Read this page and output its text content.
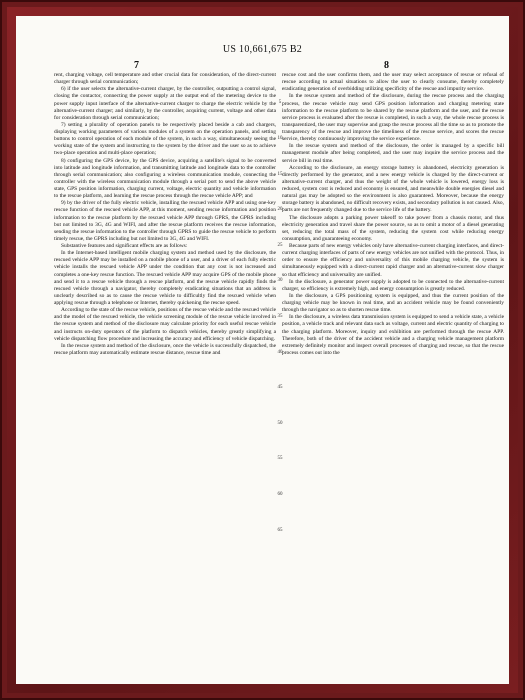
US 10,661,675 B2
7	8

rent, charging voltage, cell temperature and other crucial data for consideration, of the direct-current charger through serial communication;

6) if the user selects the alternative-current charger, by the controller, outputting a control signal, closing the contactor, connecting the power supply at the output end of the metering device to the power supply input interface of the alternative-current charger to charge the electric vehicle by the alternative-current charger; and similarly, by the controller, acquiring current, voltage and other data for consideration through serial communication;

7) setting a plurality of operation panels to be respectively placed beside a cab and chargers, displaying working parameters of various modules of a system on the operation panels, and setting buttons to control operation of each module of the system, in such a way, simultaneously seeing the working state of the system and instructing to the system by the driver and the user so as to achieve two-place operation and multi-place operation;

8) configuring the GPS device, by the GPS device, acquiring a satellite's signal to be converted into latitude and longitude information, and transmitting latitude and longitude data to the controller through serial communication; also configuring a wireless communication module, connecting the controller with the wireless communication module through a serial port to send the above vehicle state, GPS position information, charging current, voltage, electric quantity and vehicle information to the rescue platform, and learning the rescue process through the rescue vehicle APP; and

9) by the driver of the fully electric vehicle, installing the rescued vehicle APP and using one-key rescue function of the rescued vehicle APP, at this moment, sending rescue information and position information to the rescue platform by the rescued vehicle APP through GPRS, the GPRS including but not limited to 3G, 4G and WIFI, and after the rescue platform receives the rescue information, sending the rescue information to the controller through GPRS to guide the rescue vehicle to perform timely rescue, the GPRS including but not limited to 3G, 4G and WIFI.

Substantive features and significant effects are as follows:

In the Internet-based intelligent mobile charging system and method used by the disclosure, the rescued vehicle APP may be installed on a mobile phone of a user, and a driver of each fully electric vehicle installs the rescued vehicle APP under the condition that any cost is not increased and completes a one-key rescue function. The rescued vehicle APP may acquire GPS of the mobile phone and send it to a rescue vehicle through a rescue platform, and the rescue vehicle rapidly finds the rescued vehicle through a navigator, thereby completely eradicating situations that an address is unclearly described so as to cause the rescue vehicle to difficultly find the rescued vehicle when applying rescue through a telephone or Internet, thereby quickening the rescue speed.

According to the state of the rescue vehicle, positions of the rescue vehicle and the rescued vehicle and the model of the rescued vehicle, the vehicle screening module of the rescue vehicle involved in the rescue system and method of the disclosure may calculate priority for each useful rescue vehicle and instructs on-duty operators of the platform to dispatch vehicles, thereby greatly simplifying a vehicle dispatching flow procedure and increasing the accuracy and efficiency of vehicle dispatching.

In the rescue system and method of the disclosure, once the vehicle is successfully dispatched, the rescue platform may automatically estimate rescue distance, rescue time and

5
10
15
20
25
30
35
40
45
50
55
60
65

rescue cost and the user confirms them, and the user may select acceptance of rescue or refusal of rescue according to actual situations to allow the user to clearly consume, thereby completely eradicating generation of overbidding utilizing specificity of the rescue and impurity service.

In the rescue system and method of the disclosure, during the rescue process and the charging process, the rescue vehicle may send GPS position information and charging metering state information to the rescue platform to be shared by the rescue platform and the user, and the rescue service process is evaluated after the rescue is completed, in such a way, the whole rescue process is transparentized, the user may supervise and grasp the rescue process all the time so as to promote the transparency of the rescue and improve the timeliness of the rescue service, and scores the rescue service, thereby continuously improving the service experience.

In the rescue system and method of the disclosure, the order is managed by a specific bill management module after being completed, and the user may inquire the service process and the service bill in real time.

According to the disclosure, an energy storage battery is abandoned, electricity generation is directly performed by the generator, and a new energy vehicle is charged by the direct-current or alternative-current charger, and thus the weight of the whole vehicle is lowered, energy loss is reduced, system cost is reduced and economy is ensured, and meanwhile double energies diesel and natural gas may be adopted so the environment is also guaranteed. Moreover, because the energy storage battery is abandoned, no difficult recovery exists, and secondary pollution is not caused. Also, parts are not frequently changed due to the service life of the battery.

The disclosure adopts a parking power takeoff to take power from a chassis motor, and thus electricity generation and travel share the power source, so as to omit a motor of a diesel generating set, reducing the total mass of the system, reducing the system cost while reducing energy consumption, and guaranteeing economy.

Because parts of new energy vehicles only have alternative-current charging interfaces, and direct-current charging interfaces of parts of new energy vehicles are not unified with the protocol. Thus, in order to ensure the efficiency and universality of this mobile charging vehicle, the system is simultaneously equipped with a direct-current rapid charger and an alternative-current slow charger so that efficiency and universality are unified.

In the disclosure, a generator power supply is adopted to be connected to the alternative-current charger, so efficiency is extremely high, and energy consumption is greatly reduced.

In the disclosure, a GPS positioning system is equipped, and thus the current position of the charging vehicle may be known in real time, and an accident vehicle may be found conveniently through the navigator so as to shorten rescue time.

In the disclosure, a wireless data transmission system is equipped to send a vehicle state, a vehicle position, a vehicle track and relevant data such as voltage, current and electric quantity of charging to the charging platform. Moreover, inquiry and exhibition are performed through the rescue APP. Therefore, both of the driver of the accident vehicle and a charging vehicle management platform extremely definitely monitor and inspect overall processes of charging and rescue, so that the rescue process comes out into the
